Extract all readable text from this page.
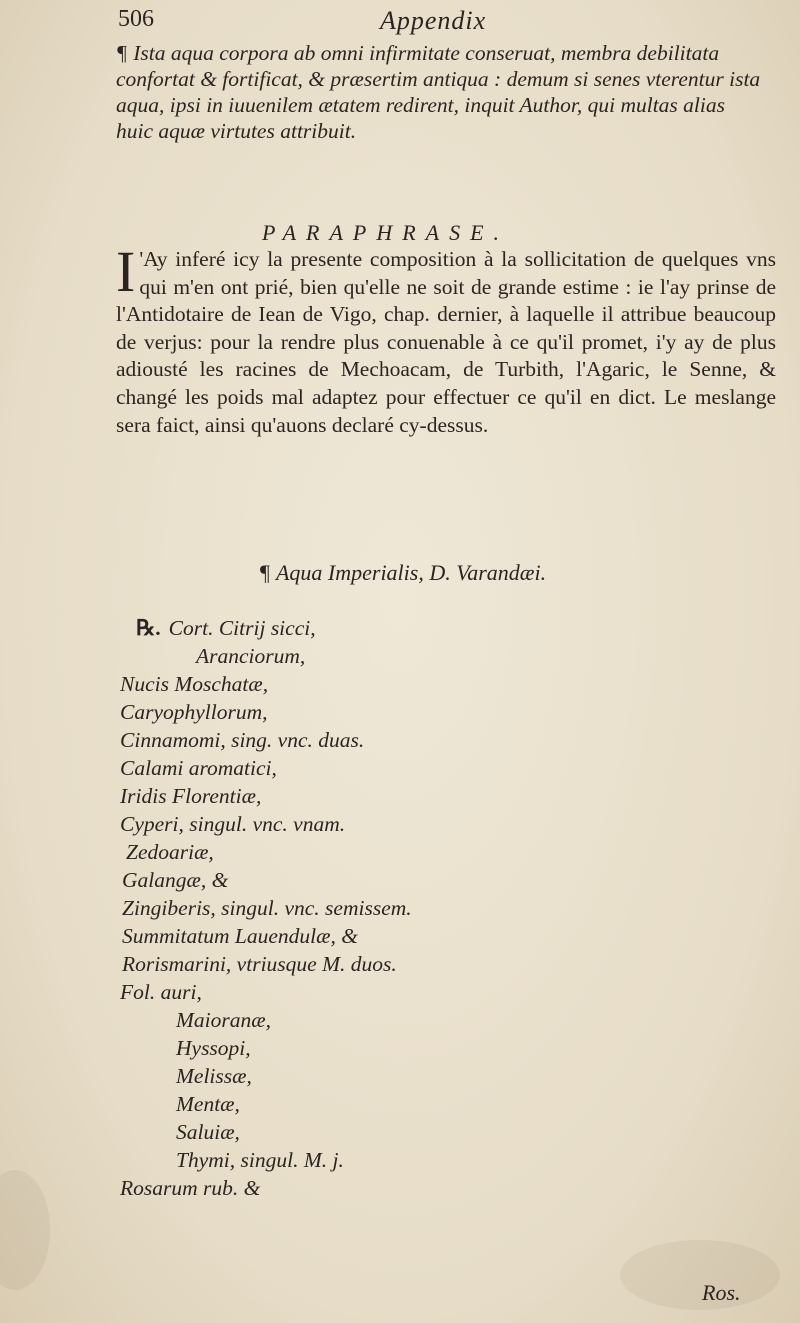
506	Appendix
¶ Ista aqua corpora ab omni infirmitate conseruat, membra debilitata confortat & fortificat, & præsertim antiqua : demum si senes vterentur ista aqua, ipsi in iuuenilem ætatem redirent, inquit Author, qui multas alias huic aquæ virtutes attribuit.
PARAPHRASE.
I 'Ay inferé icy la presente composition à la sollicitation de quelques vns qui m'en ont prié, bien qu'elle ne soit de grande estime : ie l'ay prinse de l'Antidotaire de Iean de Vigo, chap. dernier, à laquelle il attribue beaucoup de verjus: pour la rendre plus conuenable à ce qu'il promet, i'y ay de plus adiousté les racines de Mechoacam, de Turbith, l'Agaric, le Senne, & changé les poids mal adaptez pour effectuer ce qu'il en dict. Le meslange sera faict, ainsi qu'auons declaré cy-dessus.
¶ Aqua Imperialis, D. Varandæi.
℞. Cort. Citrij sicci,
Aranciorum,
Nucis Moschatæ,
Caryophyllorum,
Cinnamomi, sing. vnc. duas.
Calami aromatici,
Iridis Florentiæ,
Cyperi, singul. vnc. vnam.
Zedoariæ,
Galangæ, &
Zingiberis, singul. vnc. semissem.
Summitatum Lauendulæ, &
Rorismarini, vtriusque M. duos.
Fol. auri,
Maioranæ,
Hyssopi,
Melissæ,
Mentæ,
Saluiæ,
Thymi, singul. M. j.
Rosarum rub. &
Ros.
